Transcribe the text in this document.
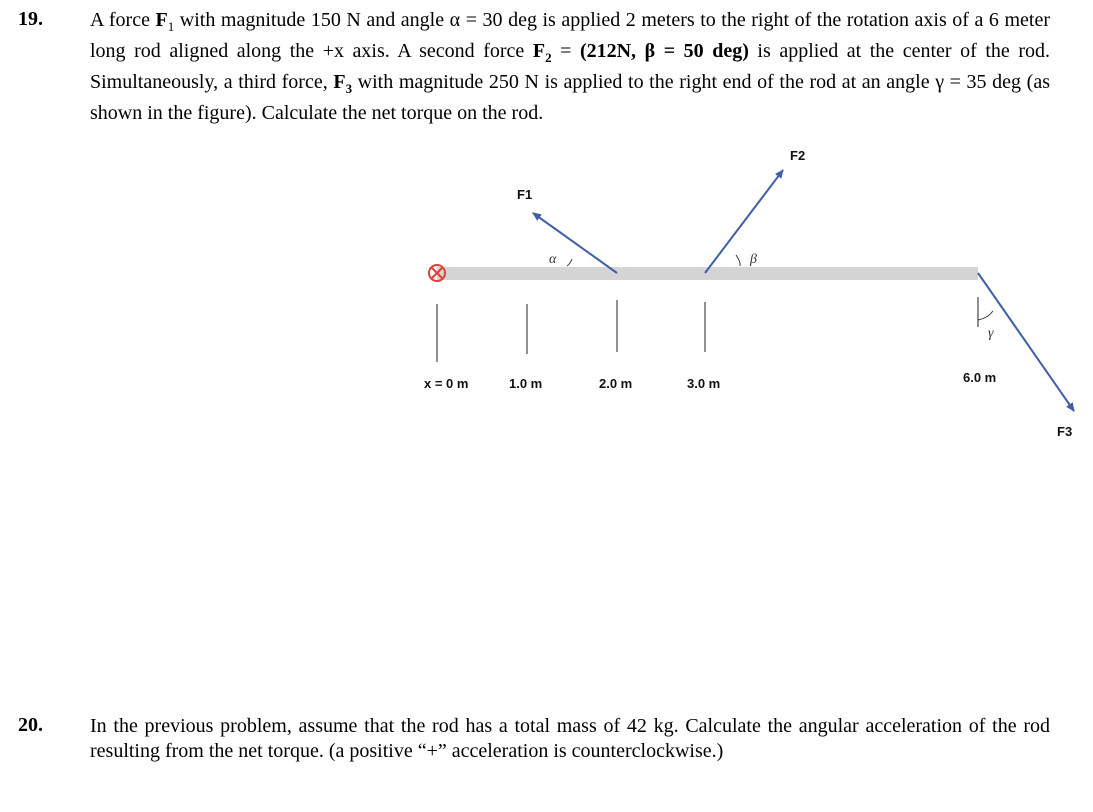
19. A force $F_1$ with magnitude 150 N and angle α = 30 deg is applied 2 meters to the right of the rotation axis of a 6 meter long rod aligned along the +x axis. A second force $F_2 = (212N$, β = 50 deg) is applied at the center of the rod. Simultaneously, a third force, $F_3$ with magnitude 250 N is applied to the right end of the rod at an angle γ = 35 deg (as shown in the figure). Calculate the net torque on the rod.
x = 0 m	1.0 m	2.0 m	3.0 m	6.0 m
F1
F2
F3
α	β
γ
20. In the previous problem, assume that the rod has a total mass of 42 kg. Calculate the angular acceleration of the rod resulting from the net torque. (a positive “+” acceleration is counterclockwise.)
